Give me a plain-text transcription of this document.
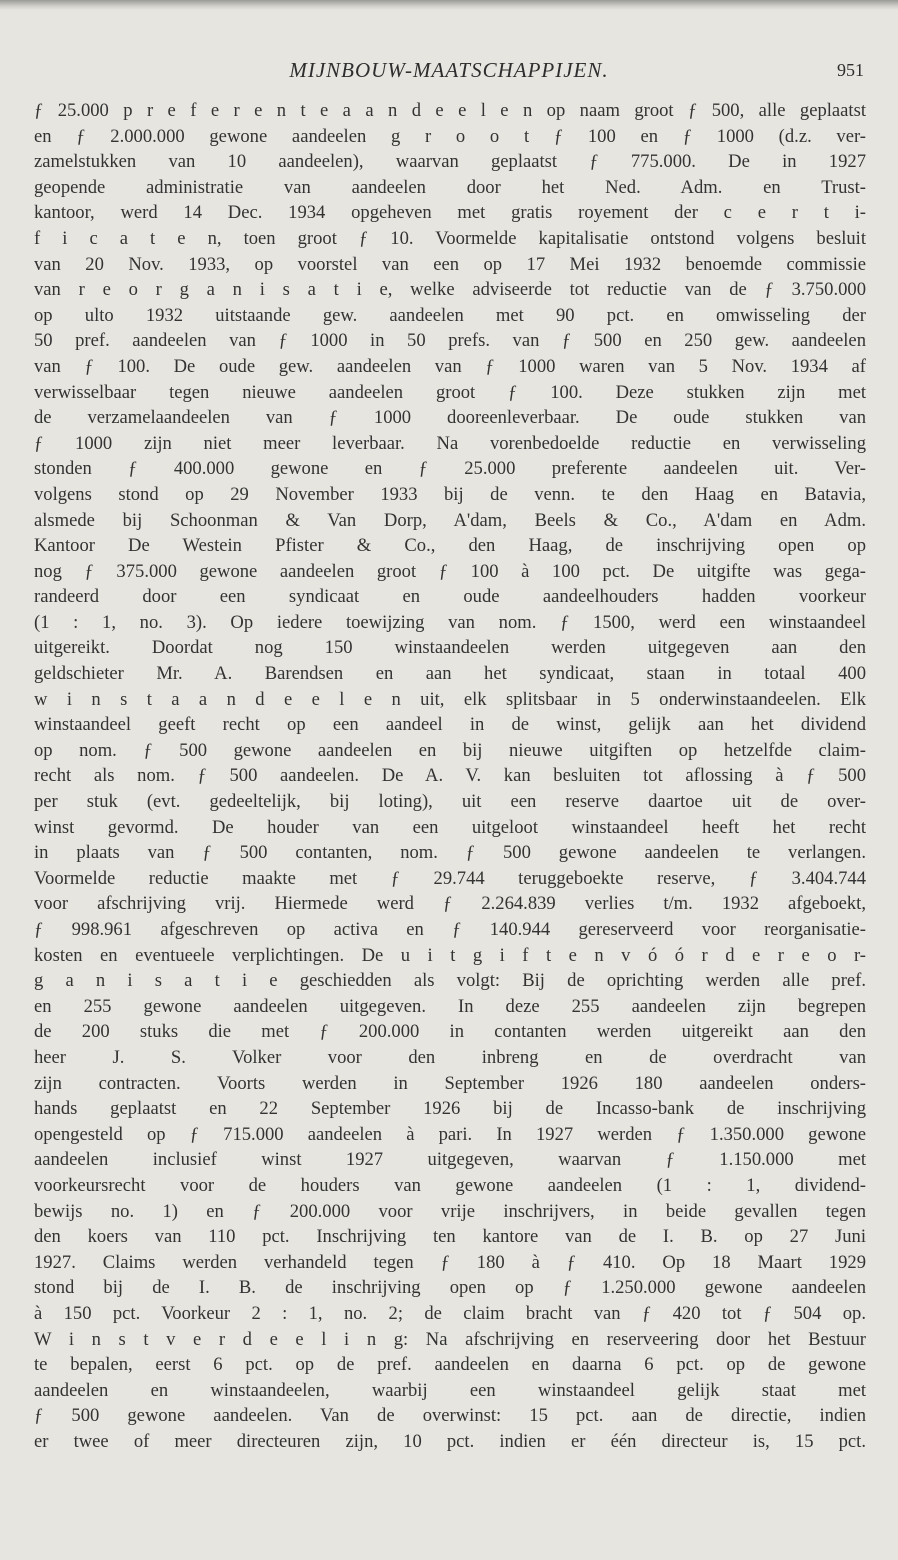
MIJNBOUW-MAATSCHAPPIJEN.	951
ƒ 25.000 p r e f e r e n t e a a n d e e l e n op naam groot ƒ 500, alle geplaatst
en ƒ 2.000.000 gewone aandeelen g r o o t ƒ 100 en ƒ 1000 (d.z. ver-
zamelstukken van 10 aandeelen), waarvan geplaatst ƒ 775.000. De in 1927
geopende administratie van aandeelen door het Ned. Adm. en Trust-
kantoor, werd 14 Dec. 1934 opgeheven met gratis royement der c e r t i-
f i c a t e n, toen groot ƒ 10. Voormelde kapitalisatie ontstond volgens besluit
van 20 Nov. 1933, op voorstel van een op 17 Mei 1932 benoemde commissie
van r e o r g a n i s a t i e, welke adviseerde tot reductie van de ƒ 3.750.000
op ulto 1932 uitstaande gew. aandeelen met 90 pct. en omwisseling der
50 pref. aandeelen van ƒ 1000 in 50 prefs. van ƒ 500 en 250 gew. aandeelen
van ƒ 100. De oude gew. aandeelen van ƒ 1000 waren van 5 Nov. 1934 af
verwisselbaar tegen nieuwe aandeelen groot ƒ 100. Deze stukken zijn met
de verzamelaandeelen van ƒ 1000 dooreenleverbaar. De oude stukken van
ƒ 1000 zijn niet meer leverbaar. Na vorenbedoelde reductie en verwisseling
stonden ƒ 400.000 gewone en ƒ 25.000 preferente aandeelen uit. Ver-
volgens stond op 29 November 1933 bij de venn. te den Haag en Batavia,
alsmede bij Schoonman & Van Dorp, A'dam, Beels & Co., A'dam en Adm.
Kantoor De Westein Pfister & Co., den Haag, de inschrijving open op
nog ƒ 375.000 gewone aandeelen groot ƒ 100 à 100 pct. De uitgifte was gega-
randeerd door een syndicaat en oude aandeelhouders hadden voorkeur
(1 : 1, no. 3). Op iedere toewijzing van nom. ƒ 1500, werd een winstaandeel
uitgereikt. Doordat nog 150 winstaandeelen werden uitgegeven aan den
geldschieter Mr. A. Barendsen en aan het syndicaat, staan in totaal 400
w i n s t a a n d e e l e n uit, elk splitsbaar in 5 onderwinstaandeelen. Elk
winstaandeel geeft recht op een aandeel in de winst, gelijk aan het dividend
op nom. ƒ 500 gewone aandeelen en bij nieuwe uitgiften op hetzelfde claim-
recht als nom. ƒ 500 aandeelen. De A. V. kan besluiten tot aflossing à ƒ 500
per stuk (evt. gedeeltelijk, bij loting), uit een reserve daartoe uit de over-
winst gevormd. De houder van een uitgeloot winstaandeel heeft het recht
in plaats van ƒ 500 contanten, nom. ƒ 500 gewone aandeelen te verlangen.
Voormelde reductie maakte met ƒ 29.744 teruggeboekte reserve, ƒ 3.404.744
voor afschrijving vrij. Hiermede werd ƒ 2.264.839 verlies t/m. 1932 afgeboekt,
ƒ 998.961 afgeschreven op activa en ƒ 140.944 gereserveerd voor reorganisatie-
kosten en eventueele verplichtingen. De u i t g i f t e n v ó ó r d e r e o r-
g a n i s a t i e geschiedden als volgt: Bij de oprichting werden alle pref.
en 255 gewone aandeelen uitgegeven. In deze 255 aandeelen zijn begrepen
de 200 stuks die met ƒ 200.000 in contanten werden uitgereikt aan den
heer J. S. Volker voor den inbreng en de overdracht van
zijn contracten. Voorts werden in September 1926 180 aandeelen onders-
hands geplaatst en 22 September 1926 bij de Incasso-bank de inschrijving
opengesteld op ƒ 715.000 aandeelen à pari. In 1927 werden ƒ 1.350.000 gewone
aandeelen inclusief winst 1927 uitgegeven, waarvan ƒ 1.150.000 met
voorkeursrecht voor de houders van gewone aandeelen (1 : 1, dividend-
bewijs no. 1) en ƒ 200.000 voor vrije inschrijvers, in beide gevallen tegen
den koers van 110 pct. Inschrijving ten kantore van de I. B. op 27 Juni
1927. Claims werden verhandeld tegen ƒ 180 à ƒ 410. Op 18 Maart 1929
stond bij de I. B. de inschrijving open op ƒ 1.250.000 gewone aandeelen
à 150 pct. Voorkeur 2 : 1, no. 2; de claim bracht van ƒ 420 tot ƒ 504 op.
W i n s t v e r d e e l i n g: Na afschrijving en reserveering door het Bestuur
te bepalen, eerst 6 pct. op de pref. aandeelen en daarna 6 pct. op de gewone
aandeelen en winstaandeelen, waarbij een winstaandeel gelijk staat met
ƒ 500 gewone aandeelen. Van de overwinst: 15 pct. aan de directie, indien
er twee of meer directeuren zijn, 10 pct. indien er één directeur is, 15 pct.
